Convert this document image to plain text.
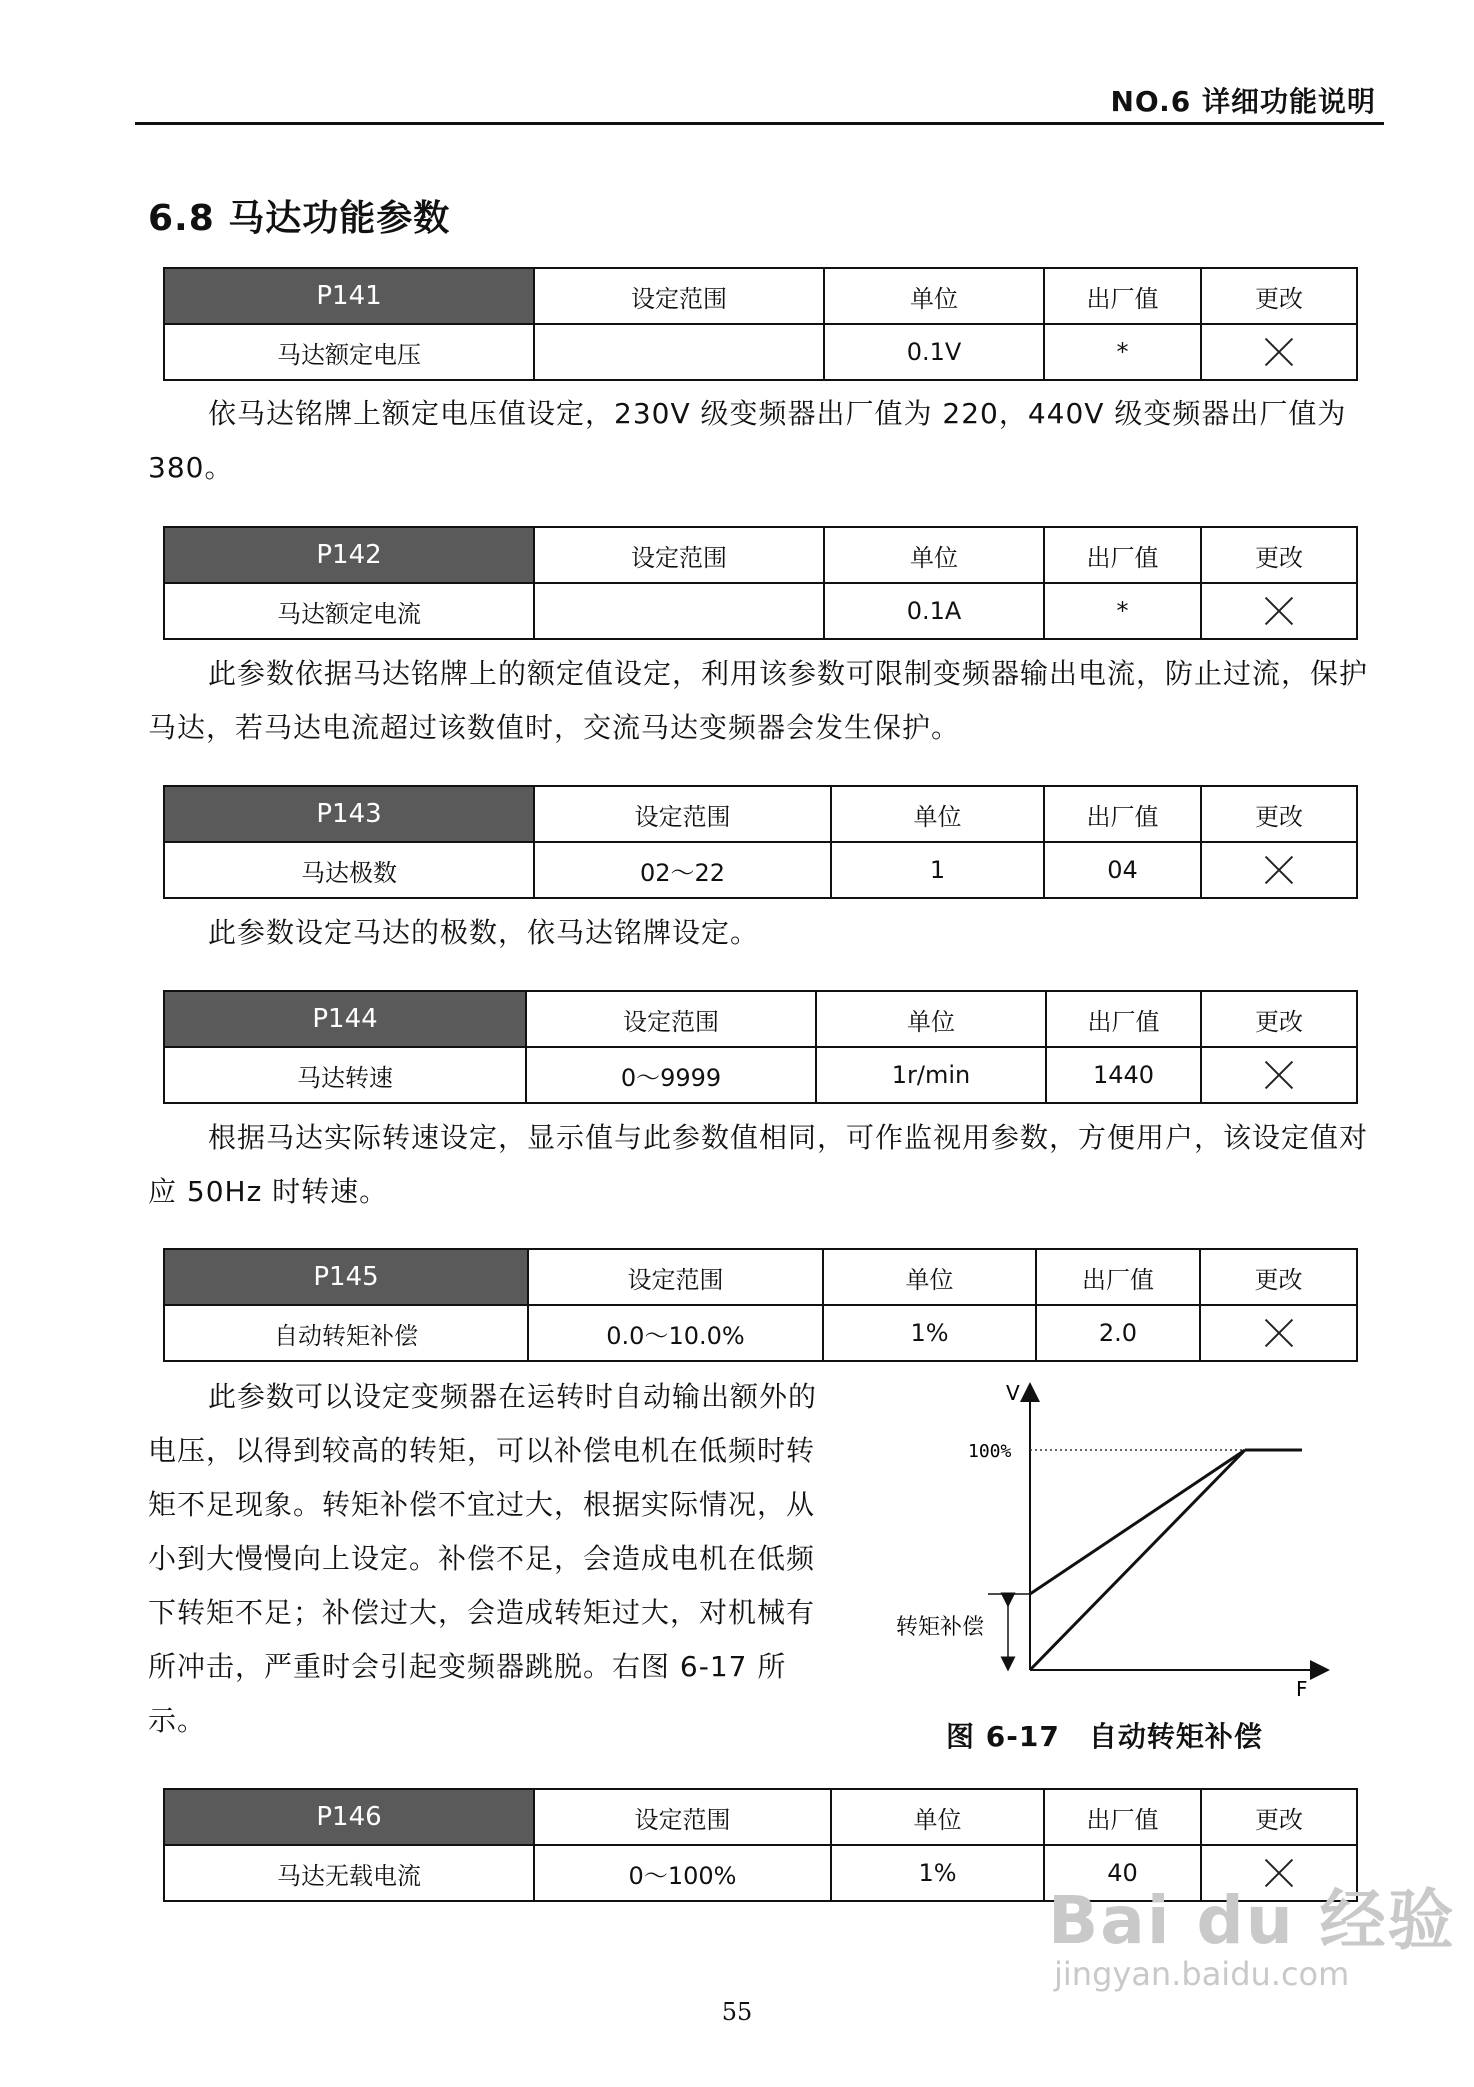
NO.6 详细功能说明
6.8 马达功能参数
P141	设定范围	单位	出厂值	更改
马达额定电压		0.1V	*	

依马达铭牌上额定电压值设定，230V 级变频器出厂值为 220，440V 级变频器出厂值为 380。

P142	设定范围	单位	出厂值	更改
马达额定电流		0.1A	*	

此参数依据马达铭牌上的额定值设定，利用该参数可限制变频器输出电流，防止过流，保护马达，若马达电流超过该数值时，交流马达变频器会发生保护。

P143	设定范围	单位	出厂值	更改
马达极数	02～22	1	04	

此参数设定马达的极数，依马达铭牌设定。

P144	设定范围	单位	出厂值	更改
马达转速	0～9999	1r/min	1440	

根据马达实际转速设定，显示值与此参数值相同，可作监视用参数，方便用户，该设定值对应 50Hz 时转速。

P145	设定范围	单位	出厂值	更改
自动转矩补偿	0.0～10.0%	1%	2.0	

此参数可以设定变频器在运转时自动输出额外的电压，以得到较高的转矩，可以补偿电机在低频时转矩不足现象。转矩补偿不宜过大，根据实际情况，从小到大慢慢向上设定。补偿不足，会造成电机在低频下转矩不足；补偿过大，会造成转矩过大，对机械有所冲击，严重时会引起变频器跳脱。右图 6-17 所示。

V
F
100%
转矩补偿
图 6-17　自动转矩补偿
P146	设定范围	单位	出厂值	更改
马达无载电流	0～100%	1%	40	
55
Bai du 经验
jingyan.baidu.com
